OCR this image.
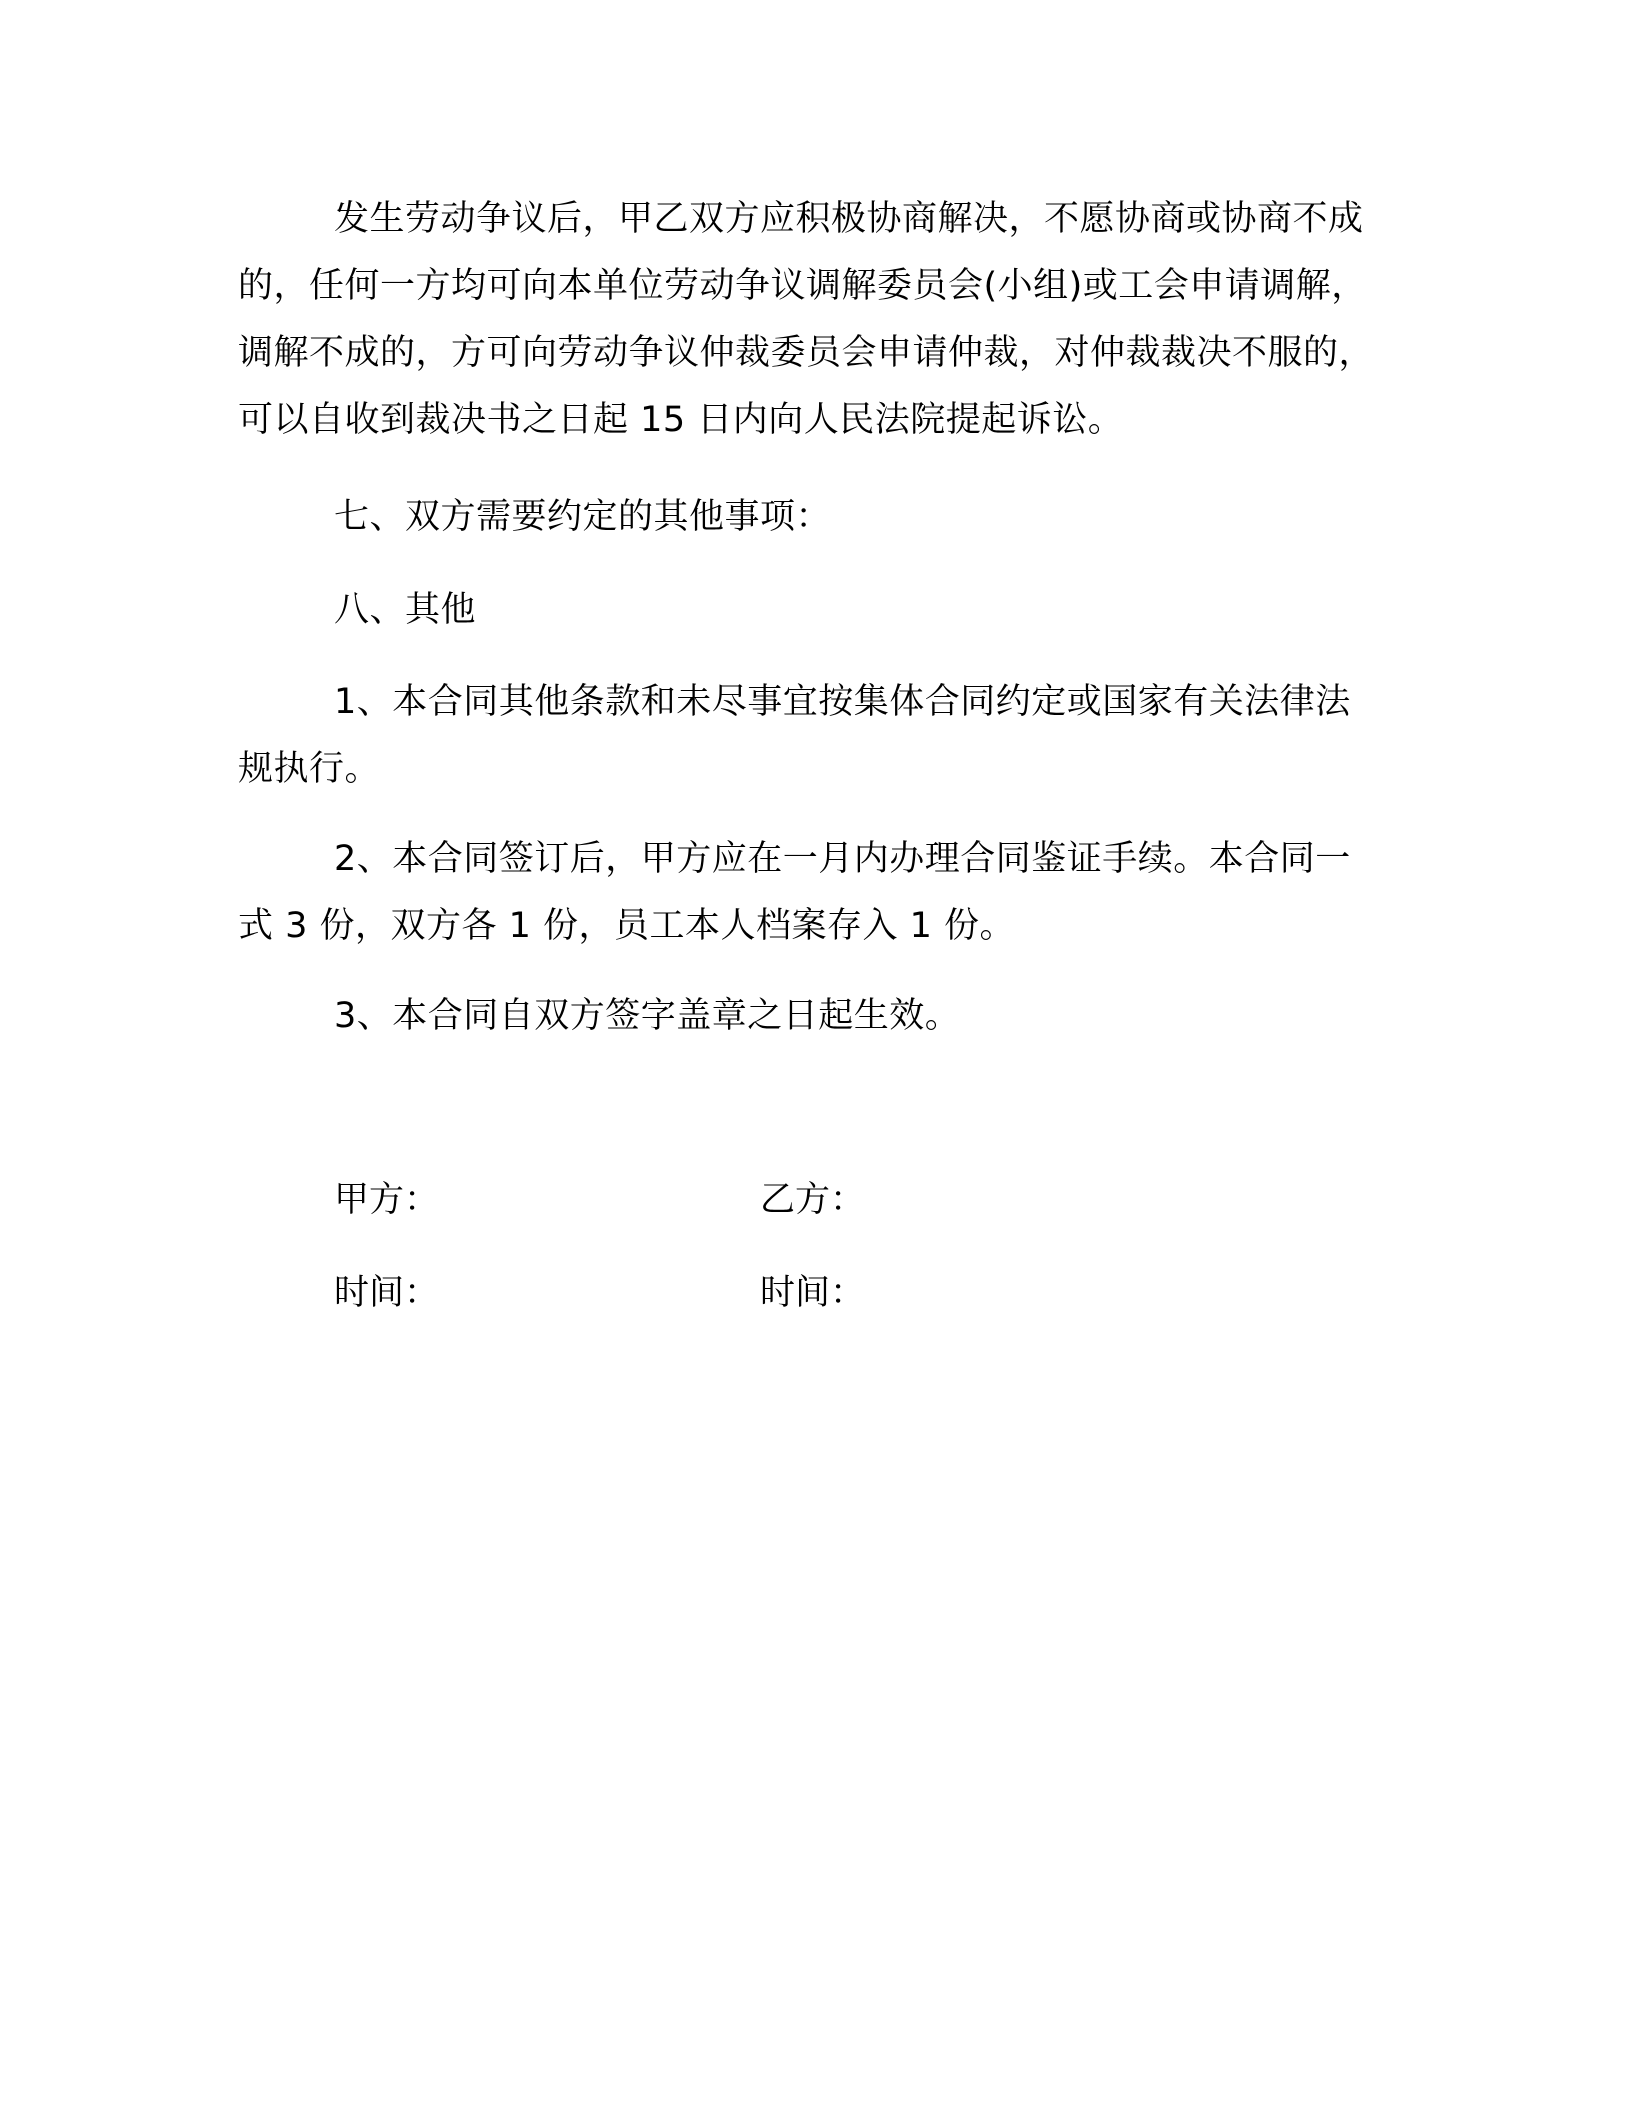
发生劳动争议后，甲乙双方应积极协商解决，不愿协商或协商不成的，任何一方均可向本单位劳动争议调解委员会(小组)或工会申请调解，调解不成的，方可向劳动争议仲裁委员会申请仲裁，对仲裁裁决不服的，可以自收到裁决书之日起 15 日内向人民法院提起诉讼。

七、双方需要约定的其他事项：

八、其他

1、本合同其他条款和未尽事宜按集体合同约定或国家有关法律法规执行。

2、本合同签订后，甲方应在一月内办理合同鉴证手续。本合同一式 3 份，双方各 1 份，员工本人档案存入 1 份。

3、本合同自双方签字盖章之日起生效。

甲方：	乙方：
时间：	时间：
